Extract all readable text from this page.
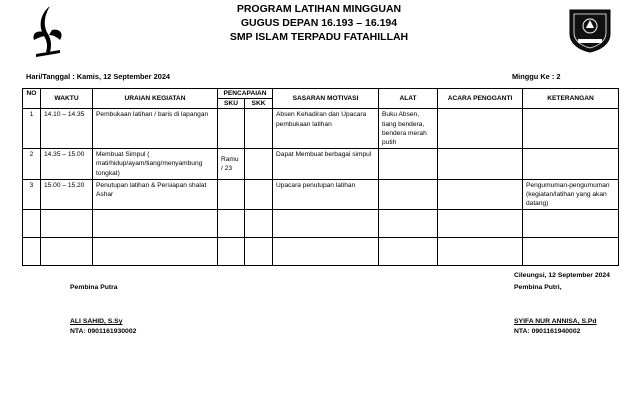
PROGRAM LATIHAN MINGGUAN
GUGUS DEPAN 16.193 – 16.194
SMP ISLAM TERPADU FATAHILLAH
Hari/Tanggal : Kamis, 12 September 2024	Minggu Ke : 2
NO	WAKTU	URAIAN KEGIATAN	PENCAPAIAN		SASARAN MOTIVASI	ALAT	ACARA PENGGANTI	KETERANGAN
			SKU	SKK				
1	14.10 – 14.35	Pembukaan latihan / baris di lapangan			Absen Kehadiran dan Upacara pembukaan latihan	Buku Absen, tiang bendera, bendera merah putih		
2	14.35 – 15.00	Membuat Simpul ( mati/hidup/ayam/tiang/menyambung tongkat)	Ramu / 23		Dapat Membuat berbagai simpul			
3	15.00 – 15.20	Penutupan latihan & Persiapan shalat Ashar			Upacara penutupan latihan			Pengumuman-pengumuman (kegiatan/latihan yang akan datang)

Cileungsi, 12 September 2024
Pembina Putra	Pembina Putri,
ALI SAHID, S.Sy
NTA: 0901161930002
SYIFA NUR ANNISA, S.Pd
NTA: 0901161940002
